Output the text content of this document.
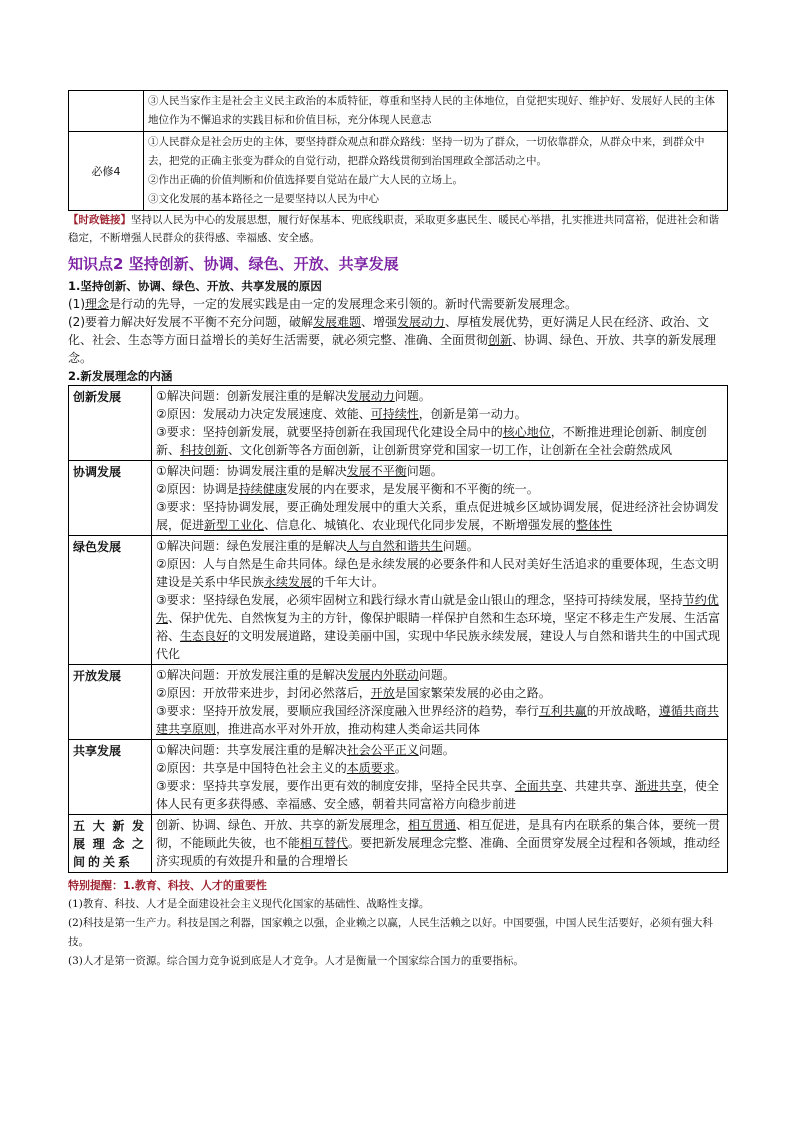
	③人民当家作主是社会主义民主政治的本质特征，尊重和坚持人民的主体地位，自觉把实现好、维护好、发展好人民的主体地位作为不懈追求的实践目标和价值目标，充分体现人民意志

必修4	①人民群众是社会历史的主体，要坚持群众观点和群众路线：坚持一切为了群众，一切依靠群众，从群众中来，到群众中去，把党的正确主张变为群众的自觉行动，把群众路线贯彻到治国理政全部活动之中。

②作出正确的价值判断和价值选择要自觉站在最广大人民的立场上。

③文化发展的基本路径之一是要坚持以人民为中心

【时政链接】坚持以人民为中心的发展思想，履行好保基本、兜底线职责，采取更多惠民生、暖民心举措，扎实推进共同富裕，促进社会和谐稳定，不断增强人民群众的获得感、幸福感、安全感。

知识点2 坚持创新、协调、绿色、开放、共享发展

1.坚持创新、协调、绿色、开放、共享发展的原因

(1)理念是行动的先导，一定的发展实践是由一定的发展理念来引领的。新时代需要新发展理念。

(2)要着力解决好发展不平衡不充分问题，破解发展难题、增强发展动力、厚植发展优势，更好满足人民在经济、政治、文化、社会、生态等方面日益增长的美好生活需要，就必须完整、准确、全面贯彻创新、协调、绿色、开放、共享的新发展理念。

2.新发展理念的内涵

创新发展	①解决问题：创新发展注重的是解决发展动力问题。

②原因：发展动力决定发展速度、效能、可持续性，创新是第一动力。

③要求：坚持创新发展，就要坚持创新在我国现代化建设全局中的核心地位，不断推进理论创新、制度创新、科技创新、文化创新等各方面创新，让创新贯穿党和国家一切工作，让创新在全社会蔚然成风

协调发展	①解决问题：协调发展注重的是解决发展不平衡问题。

②原因：协调是持续健康发展的内在要求，是发展平衡和不平衡的统一。

③要求：坚持协调发展，要正确处理发展中的重大关系，重点促进城乡区域协调发展，促进经济社会协调发展，促进新型工业化、信息化、城镇化、农业现代化同步发展，不断增强发展的整体性

绿色发展	①解决问题：绿色发展注重的是解决人与自然和谐共生问题。

②原因：人与自然是生命共同体。绿色是永续发展的必要条件和人民对美好生活追求的重要体现，生态文明建设是关系中华民族永续发展的千年大计。

③要求：坚持绿色发展，必须牢固树立和践行绿水青山就是金山银山的理念，坚持可持续发展，坚持节约优先、保护优先、自然恢复为主的方针，像保护眼睛一样保护自然和生态环境，坚定不移走生产发展、生活富裕、生态良好的文明发展道路，建设美丽中国，实现中华民族永续发展，建设人与自然和谐共生的中国式现代化

开放发展	①解决问题：开放发展注重的是解决发展内外联动问题。

②原因：开放带来进步，封闭必然落后，开放是国家繁荣发展的必由之路。

③要求：坚持开放发展，要顺应我国经济深度融入世界经济的趋势，奉行互利共赢的开放战略，遵循共商共建共享原则，推进高水平对外开放，推动构建人类命运共同体

共享发展	①解决问题：共享发展注重的是解决社会公平正义问题。

②原因：共享是中国特色社会主义的本质要求。

③要求：坚持共享发展，要作出更有效的制度安排，坚持全民共享、全面共享、共建共享、渐进共享，使全体人民有更多获得感、幸福感、安全感，朝着共同富裕方向稳步前进

五大新发展理念之间的关系	创新、协调、绿色、开放、共享的新发展理念，相互贯通、相互促进，是具有内在联系的集合体，要统一贯彻，不能顾此失彼，也不能相互替代。要把新发展理念完整、准确、全面贯穿发展全过程和各领域，推动经济实现质的有效提升和量的合理增长

特别提醒：1.教育、科技、人才的重要性

(1)教育、科技、人才是全面建设社会主义现代化国家的基础性、战略性支撑。

(2)科技是第一生产力。科技是国之利器，国家赖之以强，企业赖之以赢，人民生活赖之以好。中国要强，中国人民生活要好，必须有强大科技。

(3)人才是第一资源。综合国力竞争说到底是人才竞争。人才是衡量一个国家综合国力的重要指标。
